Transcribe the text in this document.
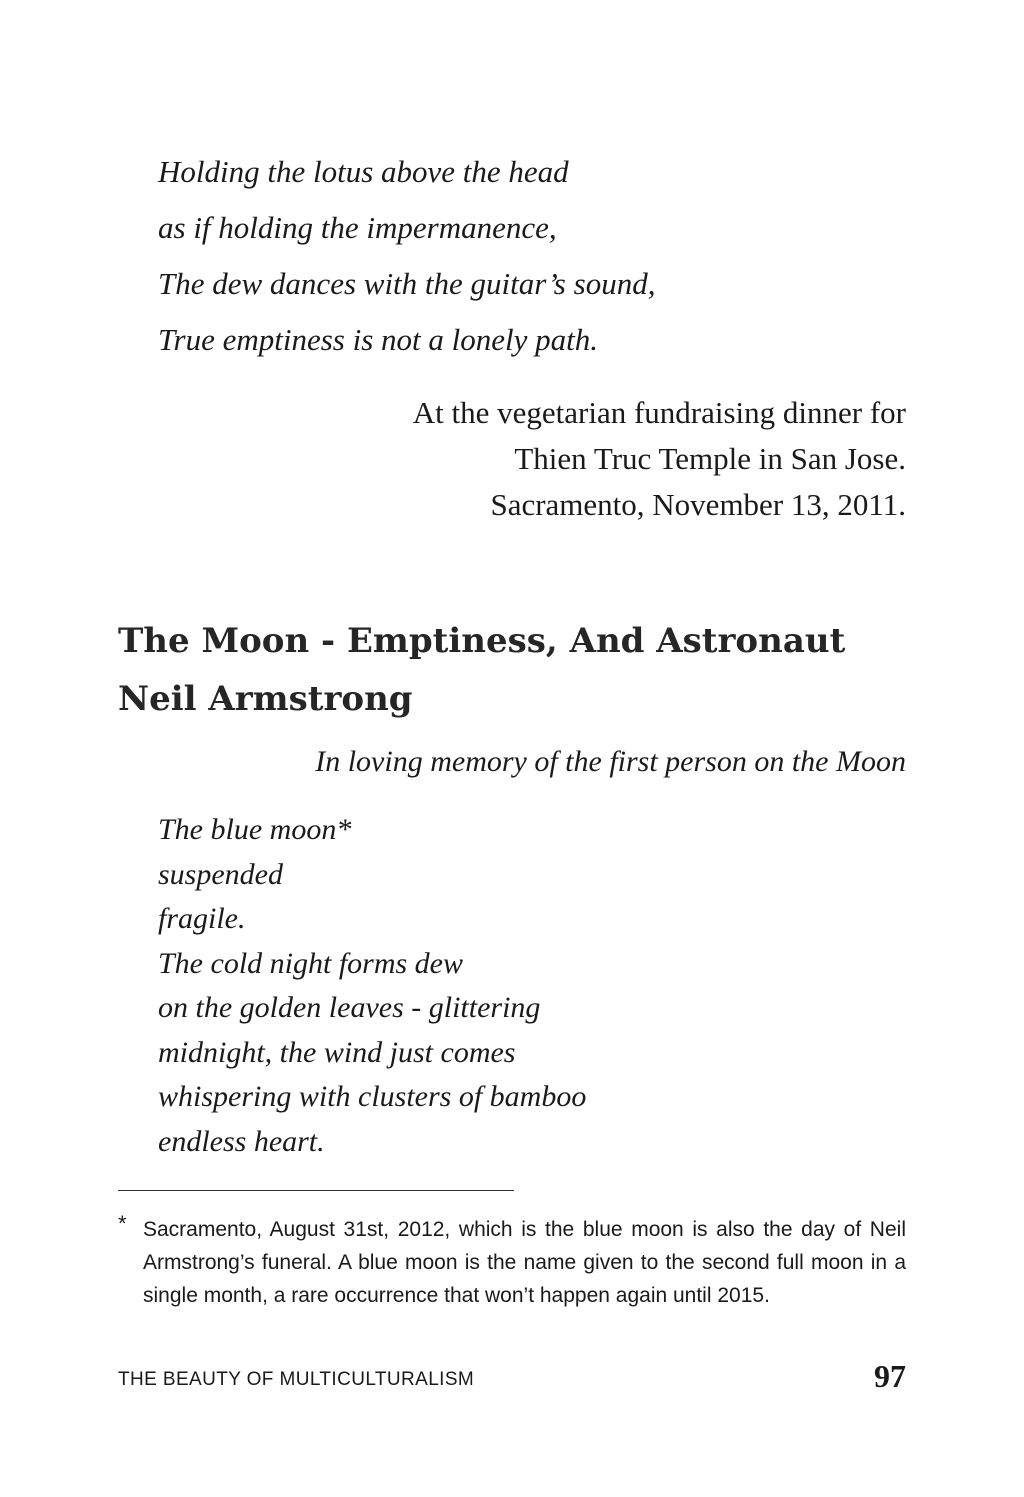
Holding the lotus above the head
as if holding the impermanence,
The dew dances with the guitar’s sound,
True emptiness is not a lonely path.
At the vegetarian fundraising dinner for
Thien Truc Temple in San Jose.
Sacramento, November 13, 2011.
The Moon - Emptiness, And Astronaut
Neil Armstrong
In loving memory of the first person on the Moon
The blue moon*
suspended
fragile.
The cold night forms dew
on the golden leaves - glittering
midnight, the wind just comes
whispering with clusters of bamboo
endless heart.
* Sacramento, August 31st, 2012, which is the blue moon is also the day of Neil Armstrong’s funeral. A blue moon is the name given to the second full moon in a single month, a rare occurrence that won’t happen again until 2015.
THE BEAUTY OF MULTICULTURALISM	97
